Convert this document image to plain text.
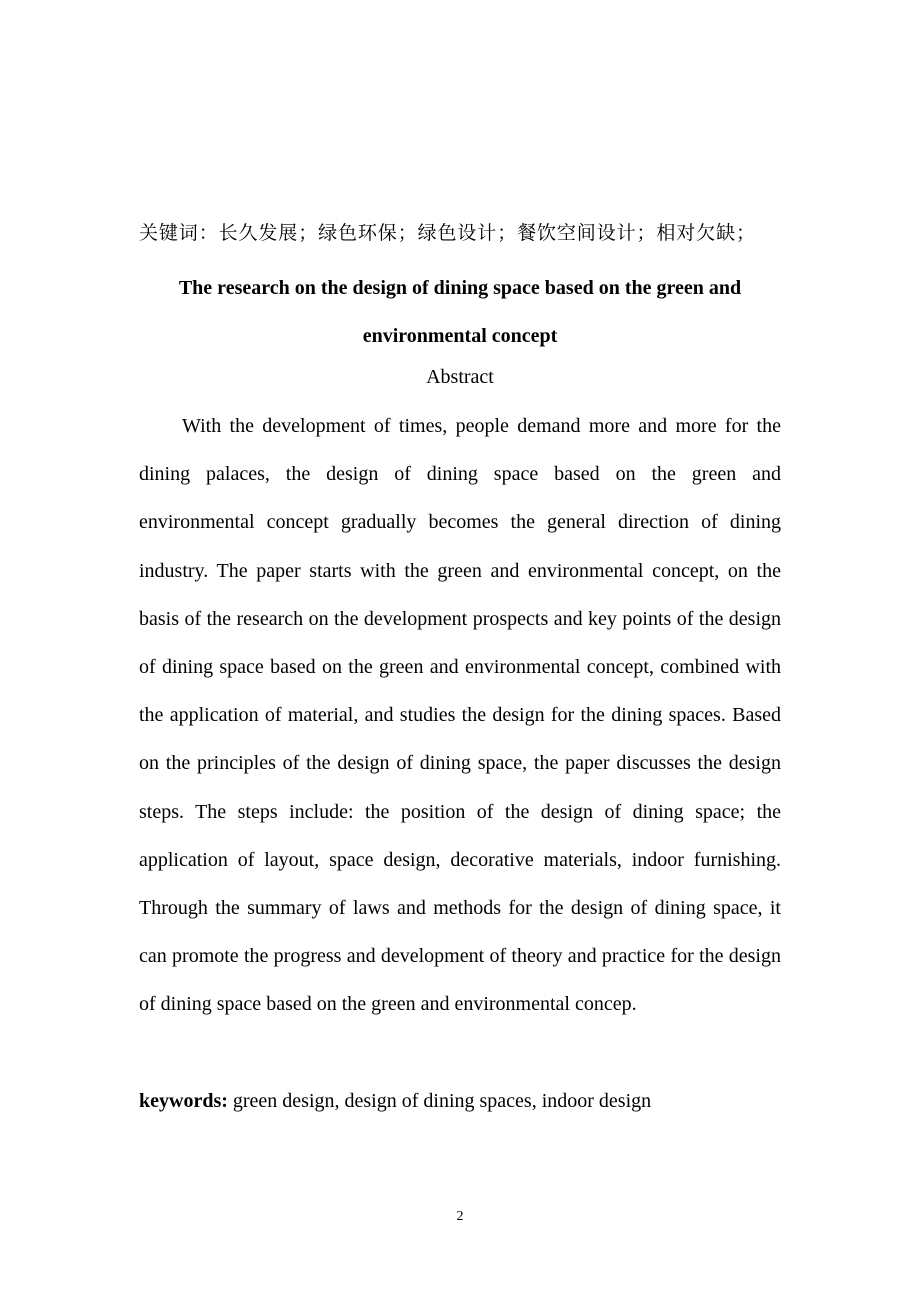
关键词：长久发展；绿色环保；绿色设计；餐饮空间设计；相对欠缺；
The research on the design of dining space based on the green and environmental concept
Abstract

With the development of times, people demand more and more for the dining palaces, the design of dining space based on the green and environmental concept gradually becomes the general direction of dining industry. The paper starts with the green and environmental concept, on the basis of the research on the development prospects and key points of the design of dining space based on the green and environmental concept, combined with the application of material, and studies the design for the dining spaces. Based on the principles of the design of dining space, the paper discusses the design steps. The steps include: the position of the design of dining space; the application of layout, space design, decorative materials, indoor furnishing. Through the summary of laws and methods for the design of dining space, it can promote the progress and development of theory and practice for the design of dining space based on the green and environmental concep.

keywords: green design, design of dining spaces, indoor design
2
